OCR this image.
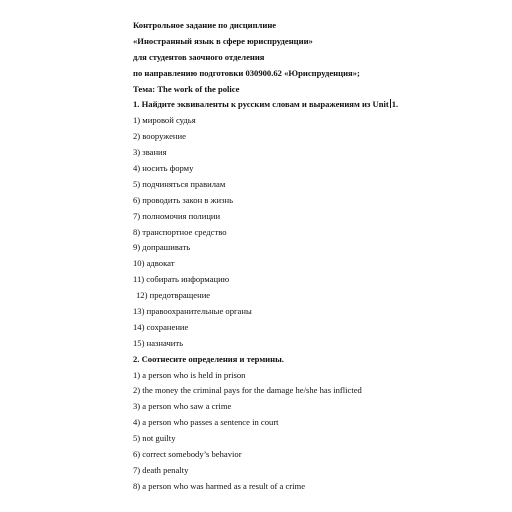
Контрольное задание по дисциплине
«Иностранный язык в сфере юриспруденции»
для студентов заочного отделения
по направлению подготовки 030900.62 «Юриспруденция»;
Тема: The work of the police
1. Найдите эквиваленты к русским словам и выражениям из Unit 1.
1) мировой судья
2) вооружение
3) звания
4) носить форму
5) подчиняться правилам
6) проводить закон в жизнь
7) полномочия полиции
8) транспортное средство
9) допрашивать
10) адвокат
11) собирать информацию
12) предотвращение
13) правоохранительные органы
14) сохранение
15) назначить
2. Соотнесите определения и термины.
1) a person who is held in prison
2) the money the criminal pays for the damage he/she has inflicted
3) a person who saw a crime
4) a person who passes a sentence in court
5) not guilty
6) correct somebody’s behavior
7) death penalty
8) a person who was harmed as a result of a crime
